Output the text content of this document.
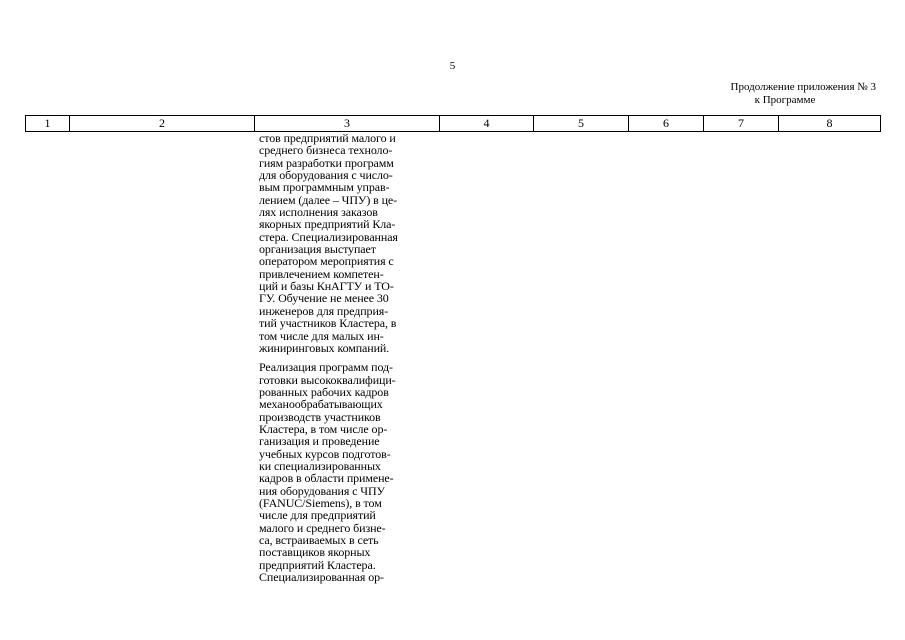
5
Продолжение приложения № 3
к Программе
1	2	3	4	5	6	7	8
стов предприятий малого и
среднего бизнеса техноло-
гиям разработки программ
для оборудования с число-
вым программным управ-
лением (далее – ЧПУ) в це-
лях исполнения заказов
якорных предприятий Кла-
стера. Специализированная
организация выступает
оператором мероприятия с
привлечением компетен-
ций и базы КнАГТУ и ТО-
ГУ. Обучение не менее 30
инженеров для предприя-
тий участников Кластера, в
том числе для малых ин-
жиниринговых компаний.
Реализация программ под-
готовки высококвалифици-
рованных рабочих кадров
механообрабатывающих
производств участников
Кластера, в том числе ор-
ганизация и проведение
учебных курсов подготов-
ки специализированных
кадров в области примене-
ния оборудования с ЧПУ
(FANUC/Siemens), в том
числе для предприятий
малого и среднего бизне-
са, встраиваемых в сеть
поставщиков якорных
предприятий Кластера.
Специализированная ор-
